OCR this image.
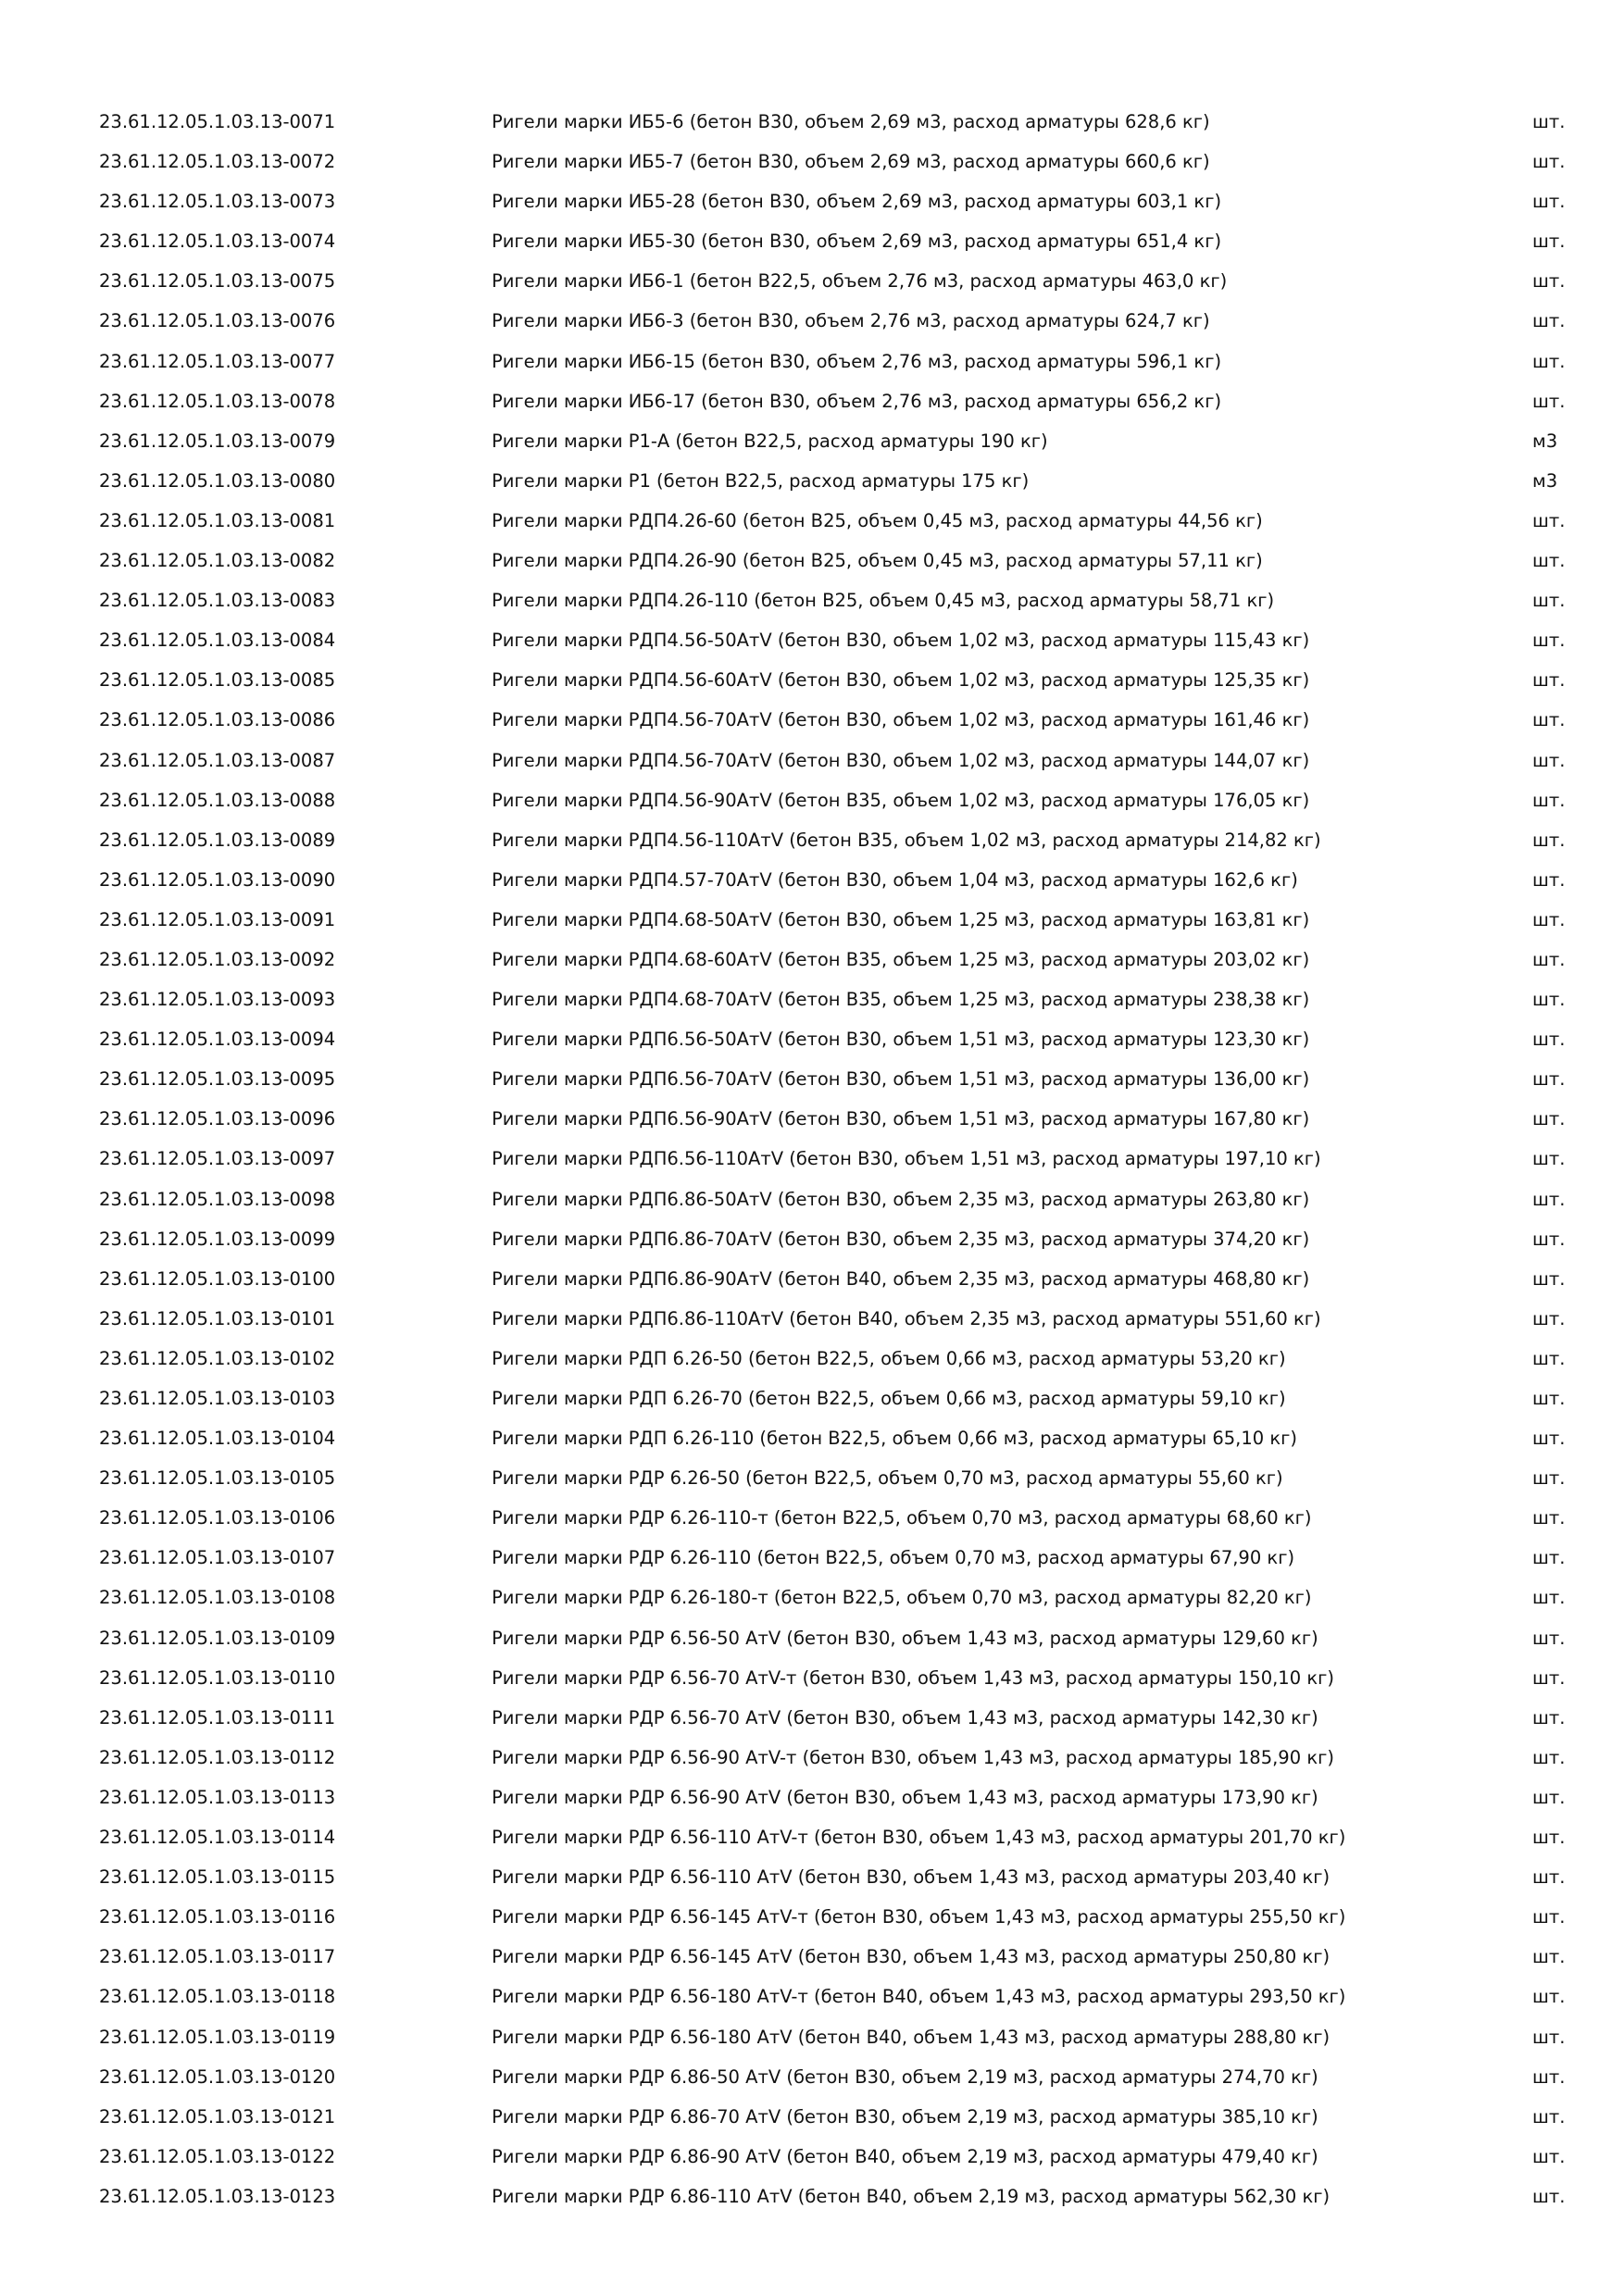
23.61.12.05.1.03.13-0071	Ригели марки ИБ5-6 (бетон В30, объем 2,69 м3, расход арматуры 628,6 кг)	шт.
23.61.12.05.1.03.13-0072	Ригели марки ИБ5-7 (бетон В30, объем 2,69 м3, расход арматуры 660,6 кг)	шт.
23.61.12.05.1.03.13-0073	Ригели марки ИБ5-28 (бетон В30, объем 2,69 м3, расход арматуры 603,1 кг)	шт.
23.61.12.05.1.03.13-0074	Ригели марки ИБ5-30 (бетон В30, объем 2,69 м3, расход арматуры 651,4 кг)	шт.
23.61.12.05.1.03.13-0075	Ригели марки ИБ6-1 (бетон В22,5, объем 2,76 м3, расход арматуры 463,0 кг)	шт.
23.61.12.05.1.03.13-0076	Ригели марки ИБ6-3 (бетон В30, объем 2,76 м3, расход арматуры 624,7 кг)	шт.
23.61.12.05.1.03.13-0077	Ригели марки ИБ6-15 (бетон В30, объем 2,76 м3, расход арматуры 596,1 кг)	шт.
23.61.12.05.1.03.13-0078	Ригели марки ИБ6-17 (бетон В30, объем 2,76 м3, расход арматуры 656,2 кг)	шт.
23.61.12.05.1.03.13-0079	Ригели марки Р1-А (бетон В22,5, расход арматуры 190 кг)	м3
23.61.12.05.1.03.13-0080	Ригели марки Р1 (бетон В22,5, расход арматуры 175 кг)	м3
23.61.12.05.1.03.13-0081	Ригели марки РДП4.26-60 (бетон В25, объем 0,45 м3, расход арматуры 44,56 кг)	шт.
23.61.12.05.1.03.13-0082	Ригели марки РДП4.26-90 (бетон В25, объем 0,45 м3, расход арматуры 57,11 кг)	шт.
23.61.12.05.1.03.13-0083	Ригели марки РДП4.26-110 (бетон В25, объем 0,45 м3, расход арматуры 58,71 кг)	шт.
23.61.12.05.1.03.13-0084	Ригели марки РДП4.56-50АтV (бетон В30, объем 1,02 м3, расход арматуры 115,43 кг)	шт.
23.61.12.05.1.03.13-0085	Ригели марки РДП4.56-60АтV (бетон В30, объем 1,02 м3, расход арматуры 125,35 кг)	шт.
23.61.12.05.1.03.13-0086	Ригели марки РДП4.56-70АтV (бетон В30, объем 1,02 м3, расход арматуры 161,46 кг)	шт.
23.61.12.05.1.03.13-0087	Ригели марки РДП4.56-70АтV (бетон В30, объем 1,02 м3, расход арматуры 144,07 кг)	шт.
23.61.12.05.1.03.13-0088	Ригели марки РДП4.56-90АтV (бетон В35, объем 1,02 м3, расход арматуры 176,05 кг)	шт.
23.61.12.05.1.03.13-0089	Ригели марки РДП4.56-110АтV (бетон В35, объем 1,02 м3, расход арматуры 214,82 кг)	шт.
23.61.12.05.1.03.13-0090	Ригели марки РДП4.57-70АтV (бетон В30, объем 1,04 м3, расход арматуры 162,6 кг)	шт.
23.61.12.05.1.03.13-0091	Ригели марки РДП4.68-50АтV (бетон В30, объем 1,25 м3, расход арматуры 163,81 кг)	шт.
23.61.12.05.1.03.13-0092	Ригели марки РДП4.68-60АтV (бетон В35, объем 1,25 м3, расход арматуры 203,02 кг)	шт.
23.61.12.05.1.03.13-0093	Ригели марки РДП4.68-70АтV (бетон В35, объем 1,25 м3, расход арматуры 238,38 кг)	шт.
23.61.12.05.1.03.13-0094	Ригели марки РДП6.56-50АтV (бетон В30, объем 1,51 м3, расход арматуры 123,30 кг)	шт.
23.61.12.05.1.03.13-0095	Ригели марки РДП6.56-70АтV (бетон В30, объем 1,51 м3, расход арматуры 136,00 кг)	шт.
23.61.12.05.1.03.13-0096	Ригели марки РДП6.56-90АтV (бетон В30, объем 1,51 м3, расход арматуры 167,80 кг)	шт.
23.61.12.05.1.03.13-0097	Ригели марки РДП6.56-110АтV (бетон В30, объем 1,51 м3, расход арматуры 197,10 кг)	шт.
23.61.12.05.1.03.13-0098	Ригели марки РДП6.86-50АтV (бетон В30, объем 2,35 м3, расход арматуры 263,80 кг)	шт.
23.61.12.05.1.03.13-0099	Ригели марки РДП6.86-70АтV (бетон В30, объем 2,35 м3, расход арматуры 374,20 кг)	шт.
23.61.12.05.1.03.13-0100	Ригели марки РДП6.86-90АтV (бетон В40, объем 2,35 м3, расход арматуры 468,80 кг)	шт.
23.61.12.05.1.03.13-0101	Ригели марки РДП6.86-110АтV (бетон В40, объем 2,35 м3, расход арматуры 551,60 кг)	шт.
23.61.12.05.1.03.13-0102	Ригели марки РДП 6.26-50 (бетон В22,5, объем 0,66 м3, расход арматуры 53,20 кг)	шт.
23.61.12.05.1.03.13-0103	Ригели марки РДП 6.26-70 (бетон В22,5, объем 0,66 м3, расход арматуры 59,10 кг)	шт.
23.61.12.05.1.03.13-0104	Ригели марки РДП 6.26-110 (бетон В22,5, объем 0,66 м3, расход арматуры 65,10 кг)	шт.
23.61.12.05.1.03.13-0105	Ригели марки РДР 6.26-50 (бетон В22,5, объем 0,70 м3, расход арматуры 55,60 кг)	шт.
23.61.12.05.1.03.13-0106	Ригели марки РДР 6.26-110-т (бетон В22,5, объем 0,70 м3, расход арматуры 68,60 кг)	шт.
23.61.12.05.1.03.13-0107	Ригели марки РДР 6.26-110 (бетон В22,5, объем 0,70 м3, расход арматуры 67,90 кг)	шт.
23.61.12.05.1.03.13-0108	Ригели марки РДР 6.26-180-т (бетон В22,5, объем 0,70 м3, расход арматуры 82,20 кг)	шт.
23.61.12.05.1.03.13-0109	Ригели марки РДР 6.56-50 АтV (бетон В30, объем 1,43 м3, расход арматуры 129,60 кг)	шт.
23.61.12.05.1.03.13-0110	Ригели марки РДР 6.56-70 АтV-т (бетон В30, объем 1,43 м3, расход арматуры 150,10 кг)	шт.
23.61.12.05.1.03.13-0111	Ригели марки РДР 6.56-70 АтV (бетон В30, объем 1,43 м3, расход арматуры 142,30 кг)	шт.
23.61.12.05.1.03.13-0112	Ригели марки РДР 6.56-90 АтV-т (бетон В30, объем 1,43 м3, расход арматуры 185,90 кг)	шт.
23.61.12.05.1.03.13-0113	Ригели марки РДР 6.56-90 АтV (бетон В30, объем 1,43 м3, расход арматуры 173,90 кг)	шт.
23.61.12.05.1.03.13-0114	Ригели марки РДР 6.56-110 АтV-т (бетон В30, объем 1,43 м3, расход арматуры 201,70 кг)	шт.
23.61.12.05.1.03.13-0115	Ригели марки РДР 6.56-110 АтV (бетон В30, объем 1,43 м3, расход арматуры 203,40 кг)	шт.
23.61.12.05.1.03.13-0116	Ригели марки РДР 6.56-145 АтV-т (бетон В30, объем 1,43 м3, расход арматуры 255,50 кг)	шт.
23.61.12.05.1.03.13-0117	Ригели марки РДР 6.56-145 АтV (бетон В30, объем 1,43 м3, расход арматуры 250,80 кг)	шт.
23.61.12.05.1.03.13-0118	Ригели марки РДР 6.56-180 АтV-т (бетон В40, объем 1,43 м3, расход арматуры 293,50 кг)	шт.
23.61.12.05.1.03.13-0119	Ригели марки РДР 6.56-180 АтV (бетон В40, объем 1,43 м3, расход арматуры 288,80 кг)	шт.
23.61.12.05.1.03.13-0120	Ригели марки РДР 6.86-50 АтV (бетон В30, объем 2,19 м3, расход арматуры 274,70 кг)	шт.
23.61.12.05.1.03.13-0121	Ригели марки РДР 6.86-70 АтV (бетон В30, объем 2,19 м3, расход арматуры 385,10 кг)	шт.
23.61.12.05.1.03.13-0122	Ригели марки РДР 6.86-90 АтV (бетон В40, объем 2,19 м3, расход арматуры 479,40 кг)	шт.
23.61.12.05.1.03.13-0123	Ригели марки РДР 6.86-110 АтV (бетон В40, объем 2,19 м3, расход арматуры 562,30 кг)	шт.
